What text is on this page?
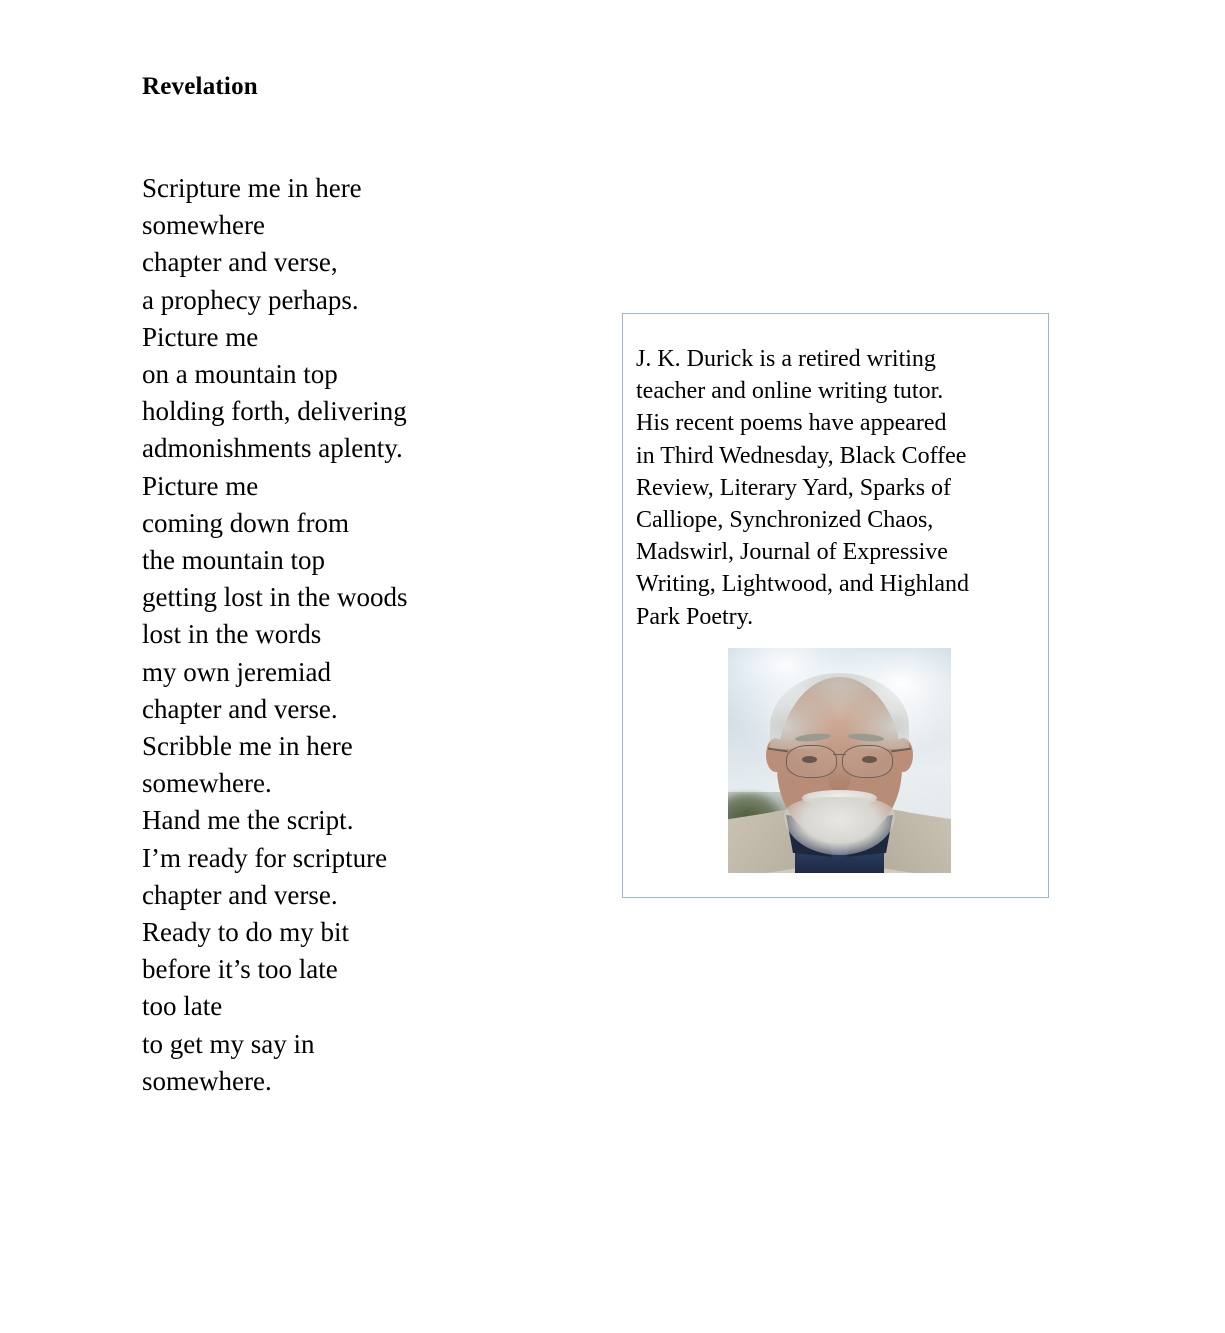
Revelation
Scripture me in here
somewhere
chapter and verse,
a prophecy perhaps.
Picture me
on a mountain top
holding forth, delivering
admonishments aplenty.
Picture me
coming down from
the mountain top
getting lost in the woods
lost in the words
my own jeremiad
chapter and verse.
Scribble me in here
somewhere.
Hand me the script.
I’m ready for scripture
chapter and verse.
Ready to do my bit
before it’s too late
too late
to get my say in
somewhere.
J. K. Durick is a retired writing
teacher and online writing tutor.
His recent poems have appeared
in Third Wednesday, Black Coffee
Review, Literary Yard, Sparks of
Calliope, Synchronized Chaos,
Madswirl, Journal of Expressive
Writing, Lightwood, and Highland
Park Poetry.
